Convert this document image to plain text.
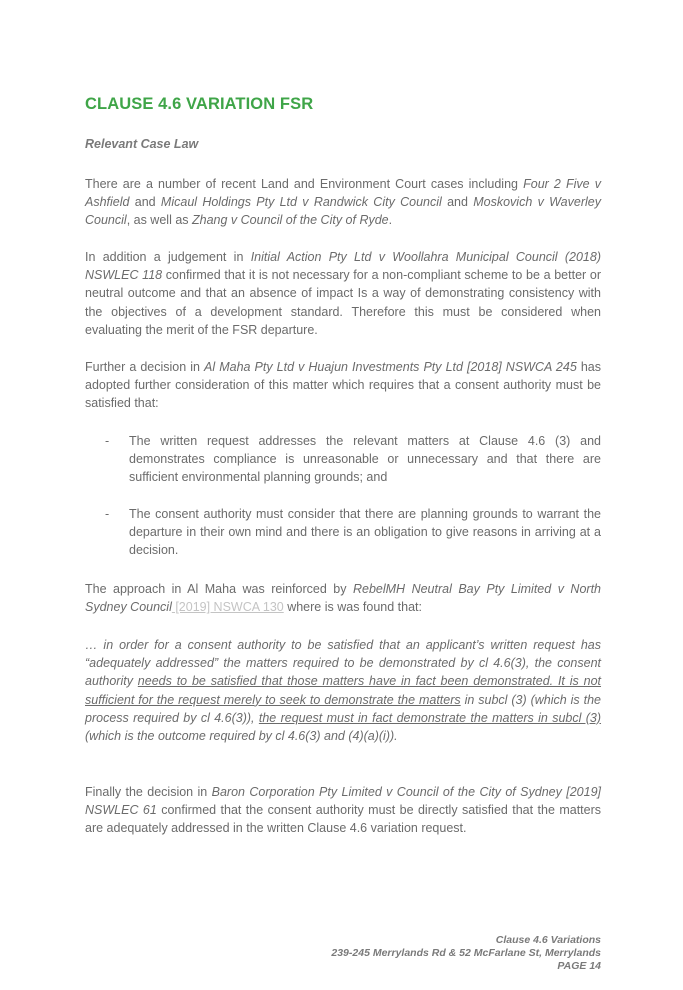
CLAUSE 4.6 VARIATION FSR
Relevant Case Law

There are a number of recent Land and Environment Court cases including Four 2 Five v Ashfield and Micaul Holdings Pty Ltd v Randwick City Council and Moskovich v Waverley Council, as well as Zhang v Council of the City of Ryde.

In addition a judgement in Initial Action Pty Ltd v Woollahra Municipal Council (2018) NSWLEC 118 confirmed that it is not necessary for a non-compliant scheme to be a better or neutral outcome and that an absence of impact Is a way of demonstrating consistency with the objectives of a development standard. Therefore this must be considered when evaluating the merit of the FSR departure.

Further a decision in Al Maha Pty Ltd v Huajun Investments Pty Ltd [2018] NSWCA 245 has adopted further consideration of this matter which requires that a consent authority must be satisfied that:

- The written request addresses the relevant matters at Clause 4.6 (3) and demonstrates compliance is unreasonable or unnecessary and that there are sufficient environmental planning grounds; and
- The consent authority must consider that there are planning grounds to warrant the departure in their own mind and there is an obligation to give reasons in arriving at a decision.

The approach in Al Maha was reinforced by RebelMH Neutral Bay Pty Limited v North Sydney Council [2019] NSWCA 130 where is was found that:

… in order for a consent authority to be satisfied that an applicant’s written request has “adequately addressed” the matters required to be demonstrated by cl 4.6(3), the consent authority needs to be satisfied that those matters have in fact been demonstrated. It is not sufficient for the request merely to seek to demonstrate the matters in subcl (3) (which is the process required by cl 4.6(3)), the request must in fact demonstrate the matters in subcl (3) (which is the outcome required by cl 4.6(3) and (4)(a)(i)).

Finally the decision in Baron Corporation Pty Limited v Council of the City of Sydney [2019] NSWLEC 61 confirmed that the consent authority must be directly satisfied that the matters are adequately addressed in the written Clause 4.6 variation request.

Clause 4.6 Variations
239-245 Merrylands Rd & 52 McFarlane St, Merrylands
PAGE 14
